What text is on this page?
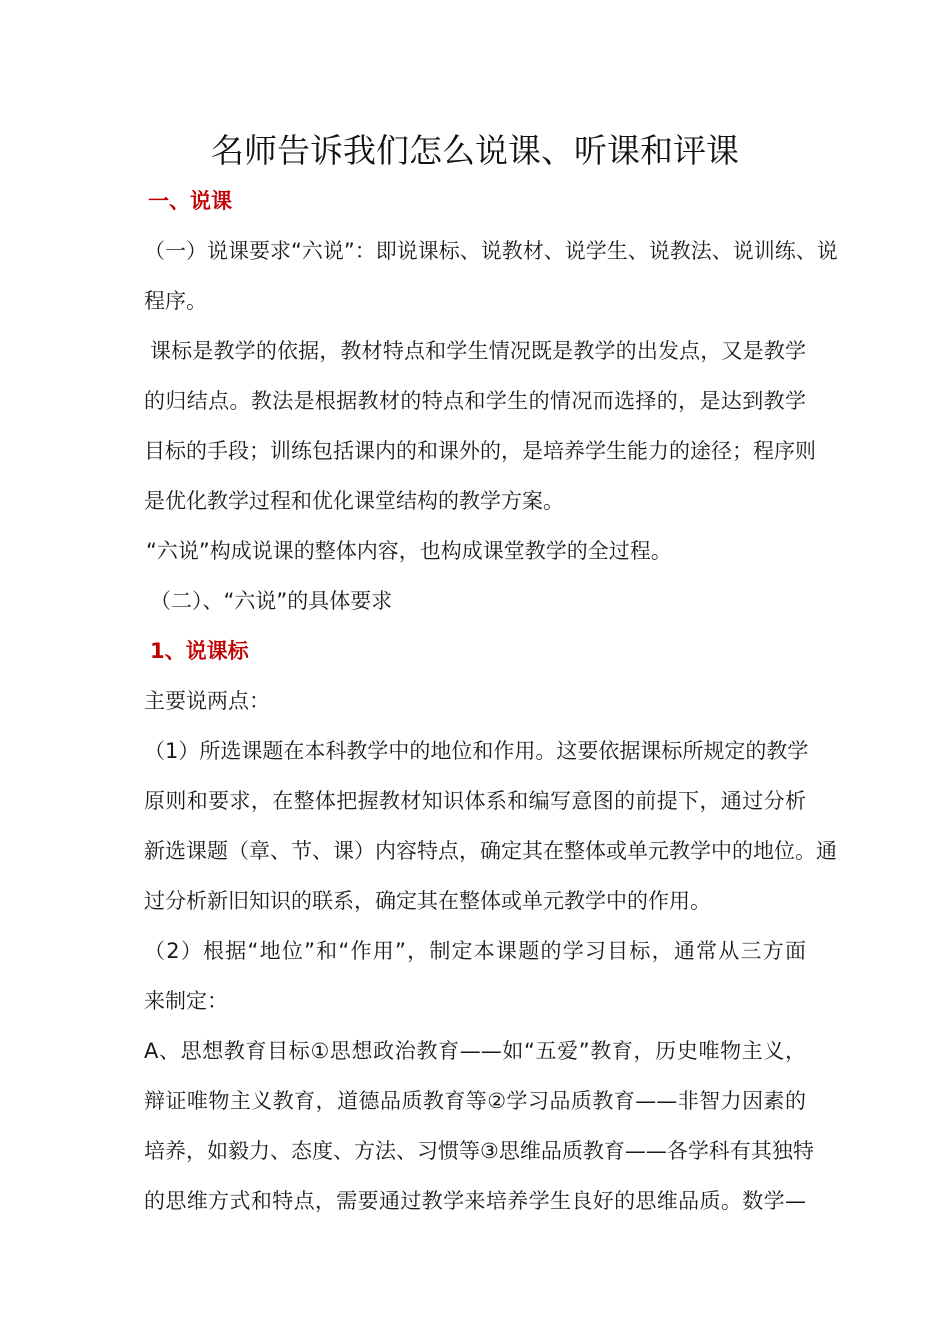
名师告诉我们怎么说课、听课和评课
一、说课
（一）说课要求“六说”：即说课标、说教材、说学生、说教法、说训练、说
程序。
课标是教学的依据，教材特点和学生情况既是教学的出发点，又是教学
的归结点。教法是根据教材的特点和学生的情况而选择的，是达到教学
目标的手段；训练包括课内的和课外的，是培养学生能力的途径；程序则
是优化教学过程和优化课堂结构的教学方案。
“六说”构成说课的整体内容，也构成课堂教学的全过程。
（二）、“六说”的具体要求
1、说课标
主要说两点：
（1）所选课题在本科教学中的地位和作用。这要依据课标所规定的教学
原则和要求，在整体把握教材知识体系和编写意图的前提下，通过分析
新选课题（章、节、课）内容特点，确定其在整体或单元教学中的地位。通
过分析新旧知识的联系，确定其在整体或单元教学中的作用。
（2）根据“地位”和“作用”，制定本课题的学习目标，通常从三方面
来制定：
A、思想教育目标①思想政治教育——如“五爱”教育，历史唯物主义，
辩证唯物主义教育，道德品质教育等②学习品质教育——非智力因素的
培养，如毅力、态度、方法、习惯等③思维品质教育——各学科有其独特
的思维方式和特点，需要通过教学来培养学生良好的思维品质。数学—
